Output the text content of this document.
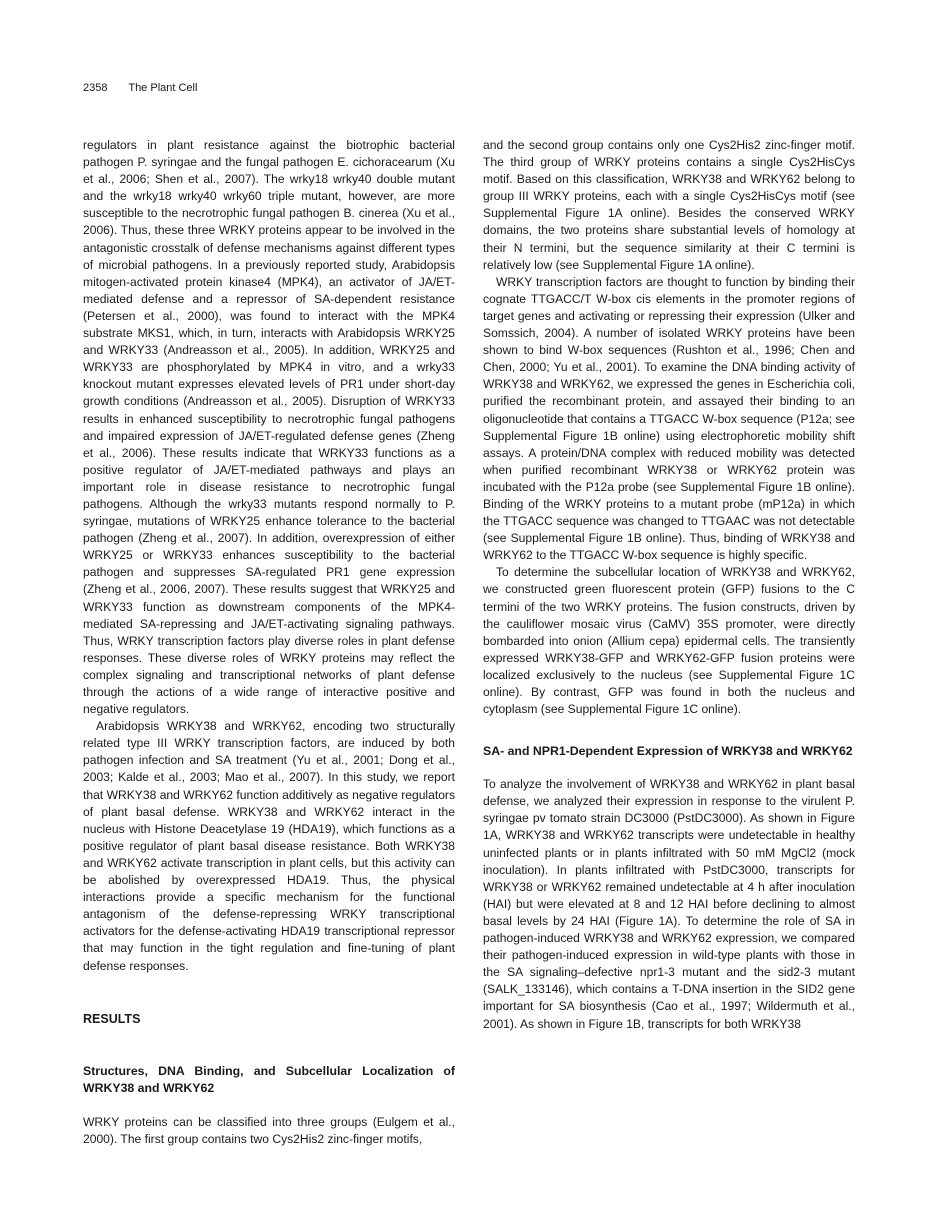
2358 The Plant Cell

regulators in plant resistance against the biotrophic bacterial pathogen P. syringae and the fungal pathogen E. cichoracearum (Xu et al., 2006; Shen et al., 2007). The wrky18 wrky40 double mutant and the wrky18 wrky40 wrky60 triple mutant, however, are more susceptible to the necrotrophic fungal pathogen B. cinerea (Xu et al., 2006). Thus, these three WRKY proteins appear to be involved in the antagonistic crosstalk of defense mechanisms against different types of microbial pathogens. In a previously reported study, Arabidopsis mitogen-activated protein kinase4 (MPK4), an activator of JA/ET-mediated defense and a repressor of SA-dependent resistance (Petersen et al., 2000), was found to interact with the MPK4 substrate MKS1, which, in turn, interacts with Arabidopsis WRKY25 and WRKY33 (Andreasson et al., 2005). In addition, WRKY25 and WRKY33 are phosphorylated by MPK4 in vitro, and a wrky33 knockout mutant expresses elevated levels of PR1 under short-day growth conditions (Andreasson et al., 2005). Disruption of WRKY33 results in enhanced susceptibility to necrotrophic fungal pathogens and impaired expression of JA/ET-regulated defense genes (Zheng et al., 2006). These results indicate that WRKY33 functions as a positive regulator of JA/ET-mediated pathways and plays an important role in disease resistance to necrotrophic fungal pathogens. Although the wrky33 mutants respond normally to P. syringae, mutations of WRKY25 enhance tolerance to the bacterial pathogen (Zheng et al., 2007). In addition, overexpression of either WRKY25 or WRKY33 enhances susceptibility to the bacterial pathogen and suppresses SA-regulated PR1 gene expression (Zheng et al., 2006, 2007). These results suggest that WRKY25 and WRKY33 function as downstream components of the MPK4-mediated SA-repressing and JA/ET-activating signaling pathways. Thus, WRKY transcription factors play diverse roles in plant defense responses. These diverse roles of WRKY proteins may reflect the complex signaling and transcriptional networks of plant defense through the actions of a wide range of interactive positive and negative regulators.

Arabidopsis WRKY38 and WRKY62, encoding two structurally related type III WRKY transcription factors, are induced by both pathogen infection and SA treatment (Yu et al., 2001; Dong et al., 2003; Kalde et al., 2003; Mao et al., 2007). In this study, we report that WRKY38 and WRKY62 function additively as negative regulators of plant basal defense. WRKY38 and WRKY62 interact in the nucleus with Histone Deacetylase 19 (HDA19), which functions as a positive regulator of plant basal disease resistance. Both WRKY38 and WRKY62 activate transcription in plant cells, but this activity can be abolished by overexpressed HDA19. Thus, the physical interactions provide a specific mechanism for the functional antagonism of the defense-repressing WRKY transcriptional activators for the defense-activating HDA19 transcriptional repressor that may function in the tight regulation and fine-tuning of plant defense responses.

RESULTS

Structures, DNA Binding, and Subcellular Localization of WRKY38 and WRKY62

WRKY proteins can be classified into three groups (Eulgem et al., 2000). The first group contains two Cys2His2 zinc-finger motifs,

and the second group contains only one Cys2His2 zinc-finger motif. The third group of WRKY proteins contains a single Cys2HisCys motif. Based on this classification, WRKY38 and WRKY62 belong to group III WRKY proteins, each with a single Cys2HisCys motif (see Supplemental Figure 1A online). Besides the conserved WRKY domains, the two proteins share substantial levels of homology at their N termini, but the sequence similarity at their C termini is relatively low (see Supplemental Figure 1A online).

WRKY transcription factors are thought to function by binding their cognate TTGACC/T W-box cis elements in the promoter regions of target genes and activating or repressing their expression (Ulker and Somssich, 2004). A number of isolated WRKY proteins have been shown to bind W-box sequences (Rushton et al., 1996; Chen and Chen, 2000; Yu et al., 2001). To examine the DNA binding activity of WRKY38 and WRKY62, we expressed the genes in Escherichia coli, purified the recombinant protein, and assayed their binding to an oligonucleotide that contains a TTGACC W-box sequence (P12a; see Supplemental Figure 1B online) using electrophoretic mobility shift assays. A protein/DNA complex with reduced mobility was detected when purified recombinant WRKY38 or WRKY62 protein was incubated with the P12a probe (see Supplemental Figure 1B online). Binding of the WRKY proteins to a mutant probe (mP12a) in which the TTGACC sequence was changed to TTGAAC was not detectable (see Supplemental Figure 1B online). Thus, binding of WRKY38 and WRKY62 to the TTGACC W-box sequence is highly specific.

To determine the subcellular location of WRKY38 and WRKY62, we constructed green fluorescent protein (GFP) fusions to the C termini of the two WRKY proteins. The fusion constructs, driven by the cauliflower mosaic virus (CaMV) 35S promoter, were directly bombarded into onion (Allium cepa) epidermal cells. The transiently expressed WRKY38-GFP and WRKY62-GFP fusion proteins were localized exclusively to the nucleus (see Supplemental Figure 1C online). By contrast, GFP was found in both the nucleus and cytoplasm (see Supplemental Figure 1C online).

SA- and NPR1-Dependent Expression of WRKY38 and WRKY62

To analyze the involvement of WRKY38 and WRKY62 in plant basal defense, we analyzed their expression in response to the virulent P. syringae pv tomato strain DC3000 (PstDC3000). As shown in Figure 1A, WRKY38 and WRKY62 transcripts were undetectable in healthy uninfected plants or in plants infiltrated with 50 mM MgCl2 (mock inoculation). In plants infiltrated with PstDC3000, transcripts for WRKY38 or WRKY62 remained undetectable at 4 h after inoculation (HAI) but were elevated at 8 and 12 HAI before declining to almost basal levels by 24 HAI (Figure 1A). To determine the role of SA in pathogen-induced WRKY38 and WRKY62 expression, we compared their pathogen-induced expression in wild-type plants with those in the SA signaling–defective npr1-3 mutant and the sid2-3 mutant (SALK_133146), which contains a T-DNA insertion in the SID2 gene important for SA biosynthesis (Cao et al., 1997; Wildermuth et al., 2001). As shown in Figure 1B, transcripts for both WRKY38
